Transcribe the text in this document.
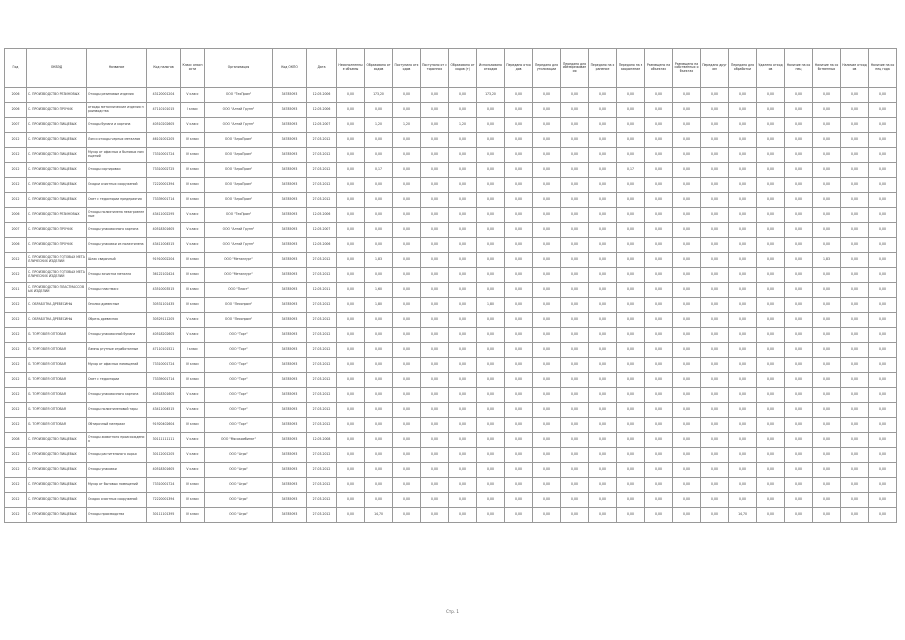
Год	ОКВЭД	Название	Код налогов	Класс опасности	Организация	Код ОКПО	Дата	Неисполненные объемы	Образовано отходов	Поступило отходов	Поступило от сторонних	Образовано отходов (т)	Использовано отходов	Передано отходов	Передано для утилизации	Передано для обезвреживания	Передано на хранение	Передано на захоронение	Размещено на объектах	Размещено на собственных объектах	Передано другим	Передано для обработки	Удалено отходов	Наличие на конец	Наличие на собственных	Наличие отходов	Наличие на конец года
2006	С. ПРОИЗВОДСТВО РЕЗИНОВЫХ	Отходы резиновые изделия	43120001204	V класс	ООО "ТехПром"	34785093	12.05.2006	0,00	173,20	0,00	0,00	0,00	173,20	0,00	0,00	0,00	0,00	0,00	0,00	0,00	0,00	0,00	0,00	0,00	0,00	0,00	0,00
2006	С. ПРОИЗВОДСТВО ПРОЧИХ	отходы металлические изделия производства	47110101015	I класс	ООО "Алтай Групп"	34785093	12.05.2006	0,00	0,00	0,00	0,00	0,00	0,00	0,00	0,00	0,00	0,00	0,00	0,00	0,00	0,00	0,00	0,00	0,00	0,00	0,00	0,00
2007	С. ПРОИЗВОДСТВО ПИЩЕВЫХ	Отходы бумаги и картона	40510202605	V класс	ООО "Алтай Групп"	34785093	12.05.2007	0,00	1,20	1,20	0,00	1,20	0,00	0,00	0,00	0,00	0,00	0,00	0,00	0,00	0,00	0,00	0,00	0,00	0,00	0,00	0,00
2012	С. ПРОИЗВОДСТВО ПИЩЕВЫХ	Лом и отходы черных металлов	46101001205	IV класс	ООО "АгроПром"	34785093	27.03.2012	0,00	0,00	0,00	0,00	0,00	0,00	0,00	0,00	0,00	0,00	0,00	0,00	0,00	0,00	0,00	0,00	0,00	0,00	0,00	0,00
2012	С. ПРОИЗВОДСТВО ПИЩЕВЫХ	Мусор от офисных и бытовых помещений	73310001724	IV класс	ООО "АгроПром"	34785093	27.03.2012	0,00	0,00	0,00	0,00	0,00	0,00	0,00	0,00	0,00	0,00	0,00	0,00	0,00	0,00	0,00	0,00	0,00	0,00	0,00	0,00
2012	С. ПРОИЗВОДСТВО ПИЩЕВЫХ	Отходы сортировки	73310002725	IV класс	ООО "АгроПром"	34785093	27.03.2012	0,00	0,17	0,00	0,00	0,00	0,00	0,00	0,00	0,00	0,00	0,17	0,00	0,00	0,00	0,00	0,00	0,00	0,00	0,00	0,00
2012	С. ПРОИЗВОДСТВО ПИЩЕВЫХ	Осадки очистных сооружений	72220001394	IV класс	ООО "АгроПром"	34785093	27.03.2012	0,00	0,00	0,00	0,00	0,00	0,00	0,00	0,00	0,00	0,00	0,00	0,00	0,00	0,00	0,00	0,00	0,00	0,00	0,00	0,00
2012	С. ПРОИЗВОДСТВО ПИЩЕВЫХ	Смет с территории предприятия	73339001714	IV класс	ООО "АгроПром"	34785093	27.03.2012	0,00	0,00	0,00	0,00	0,00	0,00	0,00	0,00	0,00	0,00	0,00	0,00	0,00	0,00	0,00	0,00	0,00	0,00	0,00	0,00
2006	С. ПРОИЗВОДСТВО РЕЗИНОВЫХ	Отходы полиэтилена незагрязненные	43411002295	V класс	ООО "ТехПром"	34785093	12.05.2006	0,00	0,00	0,00	0,00	0,00	0,00	0,00	0,00	0,00	0,00	0,00	0,00	0,00	0,00	0,00	0,00	0,00	0,00	0,00	0,00
2007	С. ПРОИЗВОДСТВО ПРОЧИХ	Отходы упаковочного картона	40518301605	V класс	ООО "Алтай Групп"	34785093	12.05.2007	0,00	0,00	0,00	0,00	0,00	0,00	0,00	0,00	0,00	0,00	0,00	0,00	0,00	0,00	0,00	0,00	0,00	0,00	0,00	0,00
2006	С. ПРОИЗВОДСТВО ПРОЧИХ	Отходы упаковки из полиэтилена	43411004515	V класс	ООО "Алтай Групп"	34785093	12.05.2006	0,00	0,00	0,00	0,00	0,00	0,00	0,00	0,00	0,00	0,00	0,00	0,00	0,00	0,00	0,00	0,00	0,00	0,00	0,00	0,00
2012	С. ПРОИЗВОДСТВО ГОТОВЫХ МЕТАЛЛИЧЕСКИХ ИЗДЕЛИЙ	Шлак сварочный	91910002204	IV класс	ООО "Металлург"	34785093	27.03.2012	0,00	1,83	0,00	0,00	0,00	0,00	0,00	0,00	0,00	0,00	0,00	0,00	0,00	0,00	0,00	0,00	0,00	1,83	0,00	0,00
2012	С. ПРОИЗВОДСТВО ГОТОВЫХ МЕТАЛЛИЧЕСКИХ ИЗДЕЛИЙ	Отходы зачистки металла	36122102424	IV класс	ООО "Металлург"	34785093	27.03.2012	0,00	0,00	0,00	0,00	0,00	0,00	0,00	0,00	0,00	0,00	0,00	0,00	0,00	0,00	0,00	0,00	0,00	0,00	0,00	0,00
2011	С. ПРОИЗВОДСТВО ПЛАСТМАССОВЫХ ИЗДЕЛИЙ	Отходы пластмасс	43510003515	III класс	ООО "Пласт"	34785093	12.05.2011	0,00	1,60	0,00	0,00	0,00	0,00	0,00	0,00	0,00	0,00	0,00	0,00	0,00	0,00	0,00	0,00	0,00	0,00	0,00	0,00
2012	С. ОБРАБОТКА ДРЕВЕСИНЫ	Опилки древесные	30531101435	IV класс	ООО "Лесопром"	34785093	27.03.2012	0,00	1,80	0,00	0,00	0,00	1,80	0,00	0,00	0,00	0,00	0,00	0,00	0,00	0,00	0,00	0,00	0,00	0,00	0,00	0,00
2012	С. ОБРАБОТКА ДРЕВЕСИНЫ	Обрезь древесная	30529111205	V класс	ООО "Лесопром"	34785093	27.03.2012	0,00	0,00	0,00	0,00	0,00	0,00	0,00	0,00	0,00	0,00	0,00	0,00	0,00	0,00	0,00	0,00	0,00	0,00	0,00	0,00
2012	G. ТОРГОВЛЯ ОПТОВАЯ	Отходы упаковочной бумаги	40518202605	V класс	ООО "Торг"	34785093	27.03.2012	0,00	0,00	0,00	0,00	0,00	0,00	0,00	0,00	0,00	0,00	0,00	0,00	0,00	0,00	0,00	0,00	0,00	0,00	0,00	0,00
2012	G. ТОРГОВЛЯ ОПТОВАЯ	Лампы ртутные отработанные	47110101521	I класс	ООО "Торг"	34785093	27.03.2012	0,00	0,00	0,00	0,00	0,00	0,00	0,00	0,00	0,00	0,00	0,00	0,00	0,00	0,00	0,00	0,00	0,00	0,00	0,00	0,00
2012	G. ТОРГОВЛЯ ОПТОВАЯ	Мусор от офисных помещений	73310001724	IV класс	ООО "Торг"	34785093	27.03.2012	0,00	0,00	0,00	0,00	0,00	0,00	0,00	0,00	0,00	0,00	0,00	0,00	0,00	0,00	0,00	0,00	0,00	0,00	0,00	0,00
2012	G. ТОРГОВЛЯ ОПТОВАЯ	Смет с территории	73339001714	IV класс	ООО "Торг"	34785093	27.03.2012	0,00	0,00	0,00	0,00	0,00	0,00	0,00	0,00	0,00	0,00	0,00	0,00	0,00	0,00	0,00	0,00	0,00	0,00	0,00	0,00
2012	G. ТОРГОВЛЯ ОПТОВАЯ	Отходы упаковочного картона	40518301605	V класс	ООО "Торг"	34785093	27.03.2012	0,00	0,00	0,00	0,00	0,00	0,00	0,00	0,00	0,00	0,00	0,00	0,00	0,00	0,00	0,00	0,00	0,00	0,00	0,00	0,00
2012	G. ТОРГОВЛЯ ОПТОВАЯ	Отходы полиэтиленовой тары	43411004515	V класс	ООО "Торг"	34785093	27.03.2012	0,00	0,00	0,00	0,00	0,00	0,00	0,00	0,00	0,00	0,00	0,00	0,00	0,00	0,00	0,00	0,00	0,00	0,00	0,00	0,00
2012	G. ТОРГОВЛЯ ОПТОВАЯ	Обтирочный материал	91920402604	IV класс	ООО "Торг"	34785093	27.03.2012	0,00	0,00	0,00	0,00	0,00	0,00	0,00	0,00	0,00	0,00	0,00	0,00	0,00	0,00	0,00	0,00	0,00	0,00	0,00	0,00
2008	С. ПРОИЗВОДСТВО ПИЩЕВЫХ	Отходы животного происхождения	30111111111	V класс	ООО "Мясокомбинат"	34785093	12.05.2008	0,00	0,00	0,00	0,00	0,00	0,00	0,00	0,00	0,00	0,00	0,00	0,00	0,00	0,00	0,00	0,00	0,00	0,00	0,00	0,00
2012	С. ПРОИЗВОДСТВО ПИЩЕВЫХ	Отходы растительного сырья	30112001205	V класс	ООО "Агро"	34785093	27.03.2012	0,00	0,00	0,00	0,00	0,00	0,00	0,00	0,00	0,00	0,00	0,00	0,00	0,00	0,00	0,00	0,00	0,00	0,00	0,00	0,00
2012	С. ПРОИЗВОДСТВО ПИЩЕВЫХ	Отходы упаковки	40518301605	V класс	ООО "Агро"	34785093	27.03.2012	0,00	0,00	0,00	0,00	0,00	0,00	0,00	0,00	0,00	0,00	0,00	0,00	0,00	0,00	0,00	0,00	0,00	0,00	0,00	0,00
2012	С. ПРОИЗВОДСТВО ПИЩЕВЫХ	Мусор от бытовых помещений	73310001724	IV класс	ООО "Агро"	34785093	27.03.2012	0,00	0,00	0,00	0,00	0,00	0,00	0,00	0,00	0,00	0,00	0,00	0,00	0,00	0,00	0,00	0,00	0,00	0,00	0,00	0,00
2012	С. ПРОИЗВОДСТВО ПИЩЕВЫХ	Осадок очистных сооружений	72220001394	IV класс	ООО "Агро"	34785093	27.03.2012	0,00	0,00	0,00	0,00	0,00	0,00	0,00	0,00	0,00	0,00	0,00	0,00	0,00	0,00	0,00	0,00	0,00	0,00	0,00	0,00
2012	С. ПРОИЗВОДСТВО ПИЩЕВЫХ	Отходы производства	30111101395	IV класс	ООО "Агро"	34785093	27.03.2012	0,00	14,70	0,00	0,00	0,00	0,00	0,00	0,00	0,00	0,00	0,00	0,00	0,00	0,00	14,70	0,00	0,00	0,00	0,00	0,00
Стр. 1
